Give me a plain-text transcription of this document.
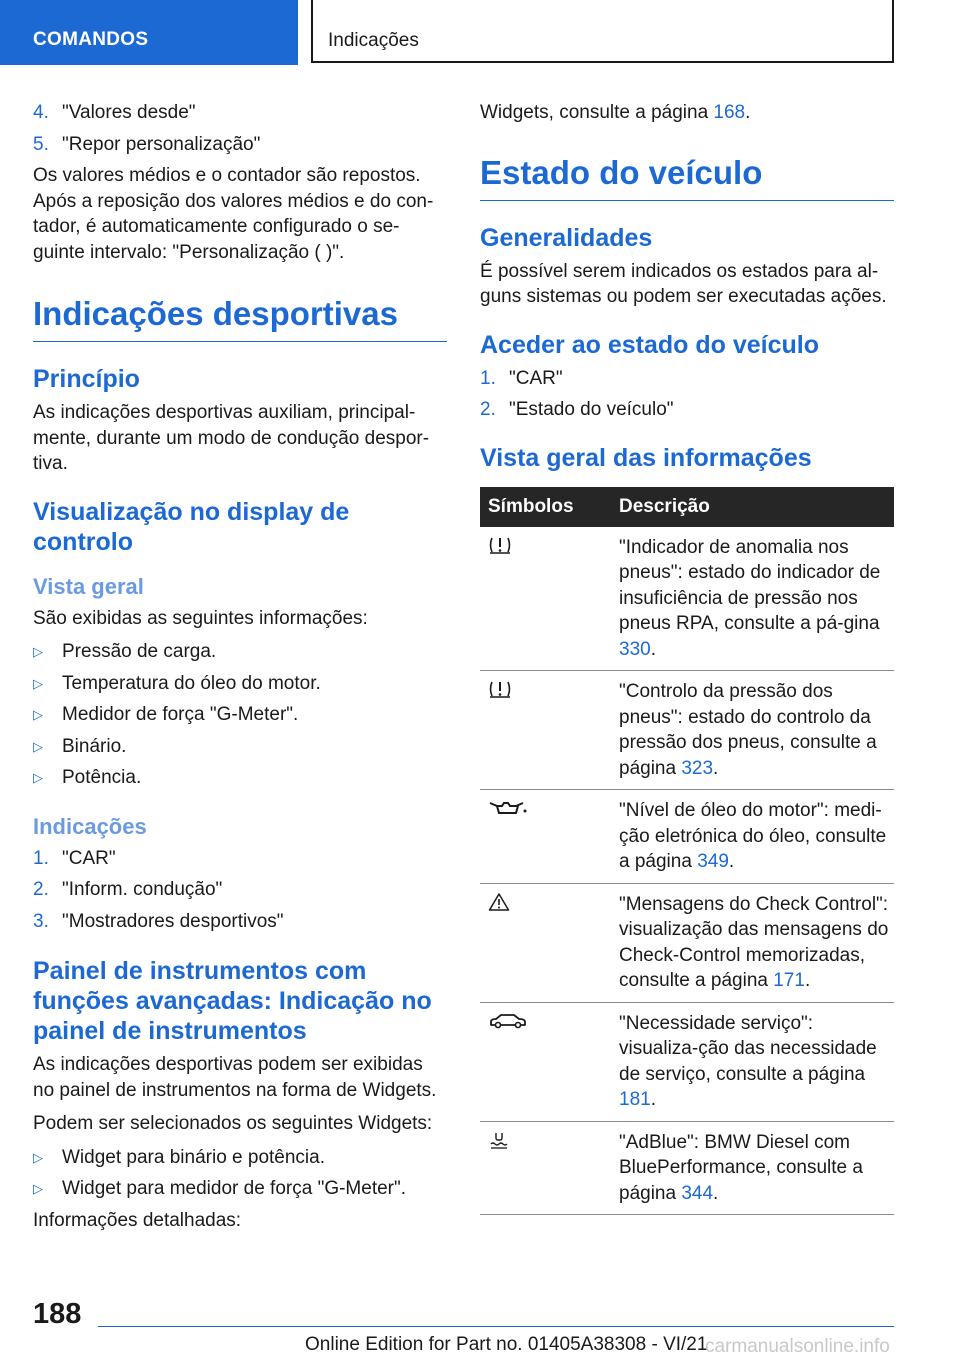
COMANDOS	Indicações
4. "Valores desde"
5. "Repor personalização"

Os valores médios e o contador são repostos. Após a reposição dos valores médios e do con-tador, é automaticamente configurado o se-guinte intervalo: "Personalização ( )".

Indicações desportivas
Princípio

As indicações desportivas auxiliam, principal-mente, durante um modo de condução despor-tiva.

Visualização no display de controlo
Vista geral

São exibidas as seguintes informações:

▷	Pressão de carga.
▷	Temperatura do óleo do motor.
▷	Medidor de força "G-Meter".
▷	Binário.
▷	Potência.
Indicações
1. "CAR"
2. "Inform. condução"
3. "Mostradores desportivos"
Painel de instrumentos com funções avançadas: Indicação no painel de instrumentos

As indicações desportivas podem ser exibidas no painel de instrumentos na forma de Widgets.

Podem ser selecionados os seguintes Widgets:

▷	Widget para binário e potência.
▷	Widget para medidor de força "G-Meter".

Informações detalhadas:

Widgets, consulte a página 168.

Estado do veículo
Generalidades

É possível serem indicados os estados para al-guns sistemas ou podem ser executadas ações.

Aceder ao estado do veículo
1. "CAR"
2. "Estado do veículo"
Vista geral das informações
Símbolos	Descrição

	"Indicador de anomalia nos pneus": estado do indicador de insuficiência de pressão nos pneus RPA, consulte a pá-gina 330.

	"Controlo da pressão dos pneus": estado do controlo da pressão dos pneus, consulte a página 323.

	"Nível de óleo do motor": medi-ção eletrónica do óleo, consulte a página 349.

	"Mensagens do Check Control": visualização das mensagens do Check-Control memorizadas, consulte a página 171.

	"Necessidade serviço": visualiza-ção das necessidade de serviço, consulte a página 181.

	"AdBlue": BMW Diesel com BluePerformance, consulte a página 344.
188
Online Edition for Part no. 01405A38308 - VI/21
carmanualsonline.info
